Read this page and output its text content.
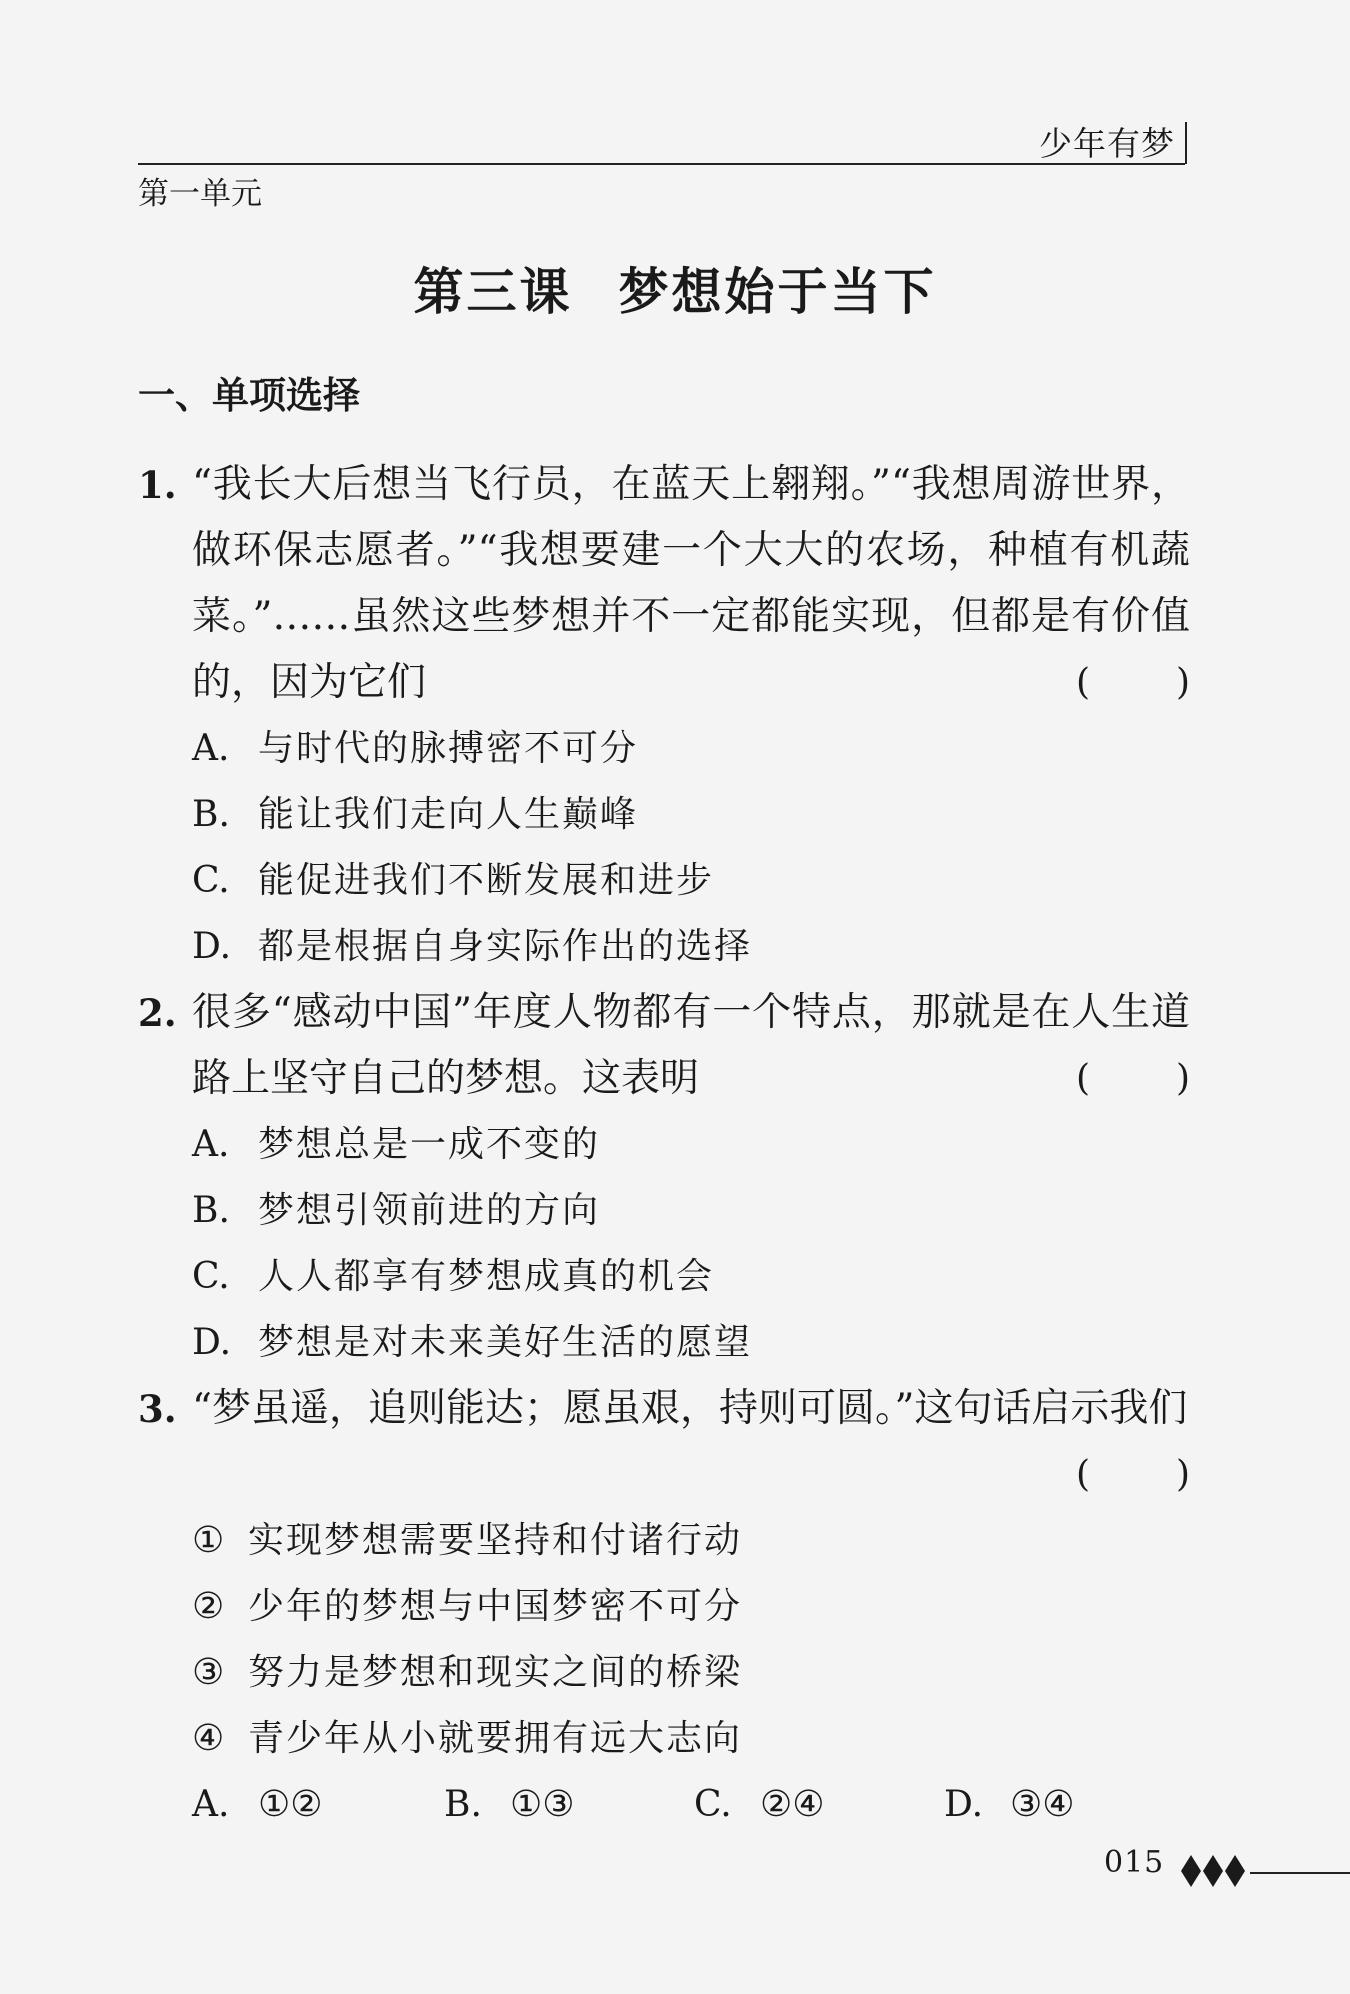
少年有梦
第一单元
第三课 梦想始于当下
一、单项选择
1. “我长大后想当飞行员，在蓝天上翱翔。”“我想周游世界，
做环保志愿者。”“我想要建一个大大的农场，种植有机蔬
菜。”……虽然这些梦想并不一定都能实现，但都是有价值
的，因为它们	( )
A. 与时代的脉搏密不可分
B. 能让我们走向人生巅峰
C. 能促进我们不断发展和进步
D. 都是根据自身实际作出的选择
2. 很多“感动中国”年度人物都有一个特点，那就是在人生道
路上坚守自己的梦想。这表明	( )
A. 梦想总是一成不变的
B. 梦想引领前进的方向
C. 人人都享有梦想成真的机会
D. 梦想是对未来美好生活的愿望
3. “梦虽遥，追则能达；愿虽艰，持则可圆。”这句话启示我们
( )
① 实现梦想需要坚持和付诸行动
② 少年的梦想与中国梦密不可分
③ 努力是梦想和现实之间的桥梁
④ 青少年从小就要拥有远大志向
A. ①②	B. ①③	C. ②④	D. ③④
015
